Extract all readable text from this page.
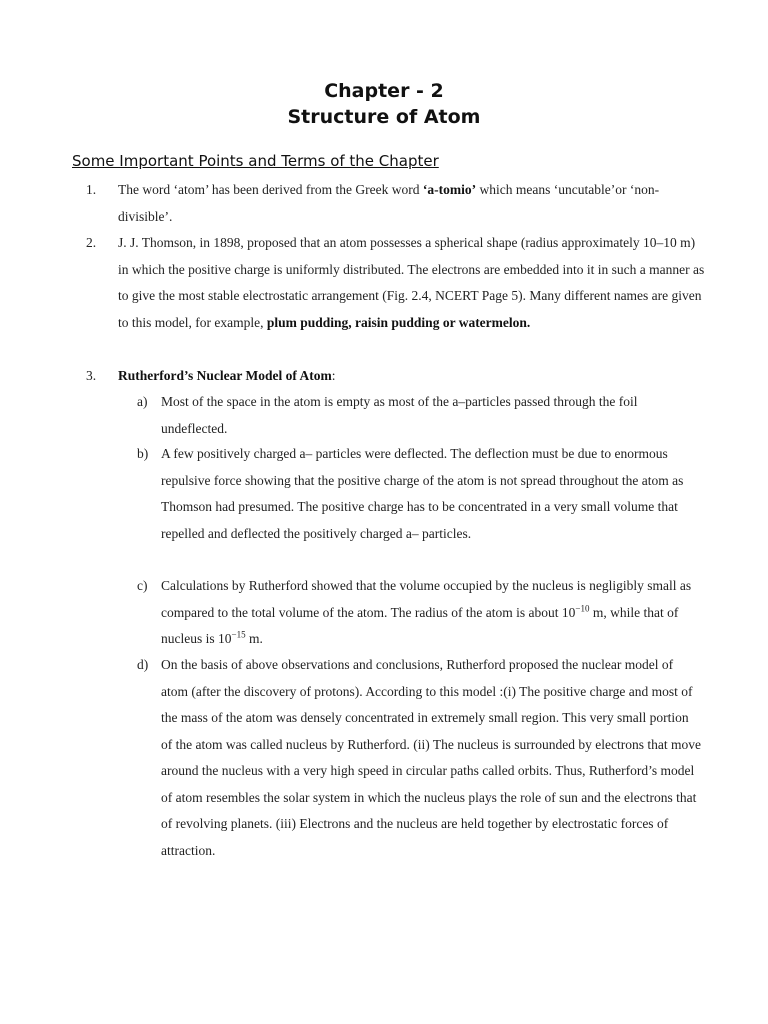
Chapter - 2
Structure of Atom
Some Important Points and Terms of the Chapter
1.	The word ‘atom’ has been derived from the Greek word ‘a-tomio’ which means ‘uncutable’or ‘non-divisible’.
2.	J. J. Thomson, in 1898, proposed that an atom possesses a spherical shape (radius approximately 10–10 m) in which the positive charge is uniformly distributed. The electrons are embedded into it in such a manner as to give the most stable electrostatic arrangement (Fig. 2.4, NCERT Page 5). Many different names are given to this model, for example, plum pudding, raisin pudding or watermelon.
3.	Rutherford’s Nuclear Model of Atom:
a)	Most of the space in the atom is empty as most of the a–particles passed through the foil undeflected.
b) A few positively charged a– particles were deflected. The deflection must be due to enormous repulsive force showing that the positive charge of the atom is not spread throughout the atom as Thomson had presumed. The positive charge has to be concentrated in a very small volume that repelled and deflected the positively charged a– particles.
c)	Calculations by Rutherford showed that the volume occupied by the nucleus is negligibly small as compared to the total volume of the atom. The radius of the atom is about $10^{-10}$ m, while that of nucleus is $10^{-15}$ m.
d) On the basis of above observations and conclusions, Rutherford proposed the nuclear model of atom (after the discovery of protons). According to this model :(i) The positive charge and most of the mass of the atom was densely concentrated in extremely small region. This very small portion of the atom was called nucleus by Rutherford. (ii) The nucleus is surrounded by electrons that move around the nucleus with a very high speed in circular paths called orbits. Thus, Rutherford’s model of atom resembles the solar system in which the nucleus plays the role of sun and the electrons that of revolving planets. (iii) Electrons and the nucleus are held together by electrostatic forces of attraction.
